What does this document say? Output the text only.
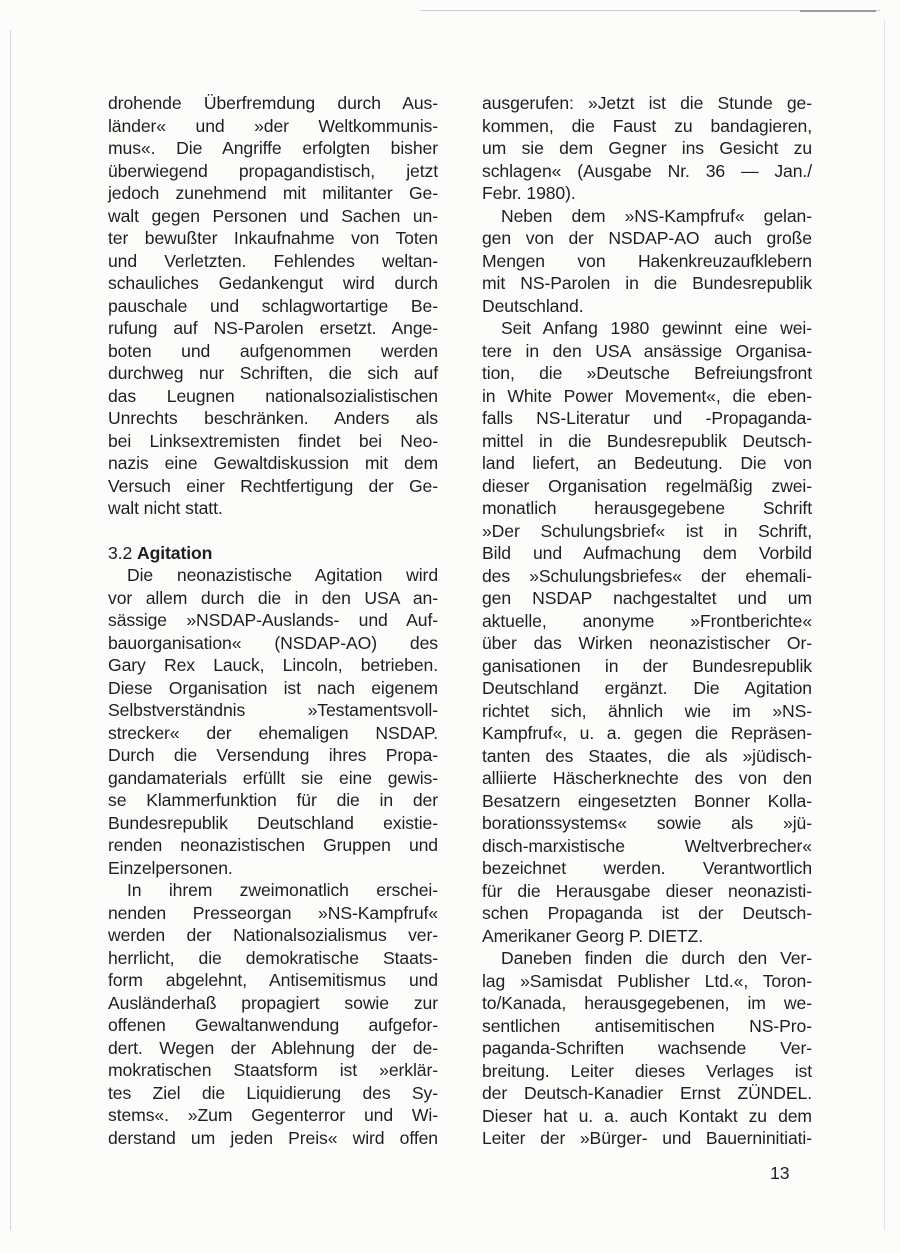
drohende Überfremdung durch Aus-
länder« und »der Weltkommunis-
mus«. Die Angriffe erfolgten bisher
überwiegend propagandistisch, jetzt
jedoch zunehmend mit militanter Ge-
walt gegen Personen und Sachen un-
ter bewußter Inkaufnahme von Toten
und Verletzten. Fehlendes weltan-
schauliches Gedankengut wird durch
pauschale und schlagwortartige Be-
rufung auf NS-Parolen ersetzt. Ange-
boten und aufgenommen werden
durchweg nur Schriften, die sich auf
das Leugnen nationalsozialistischen
Unrechts beschränken. Anders als
bei Linksextremisten findet bei Neo-
nazis eine Gewaltdiskussion mit dem
Versuch einer Rechtfertigung der Ge-
walt nicht statt.
3.2 Agitation
Die neonazistische Agitation wird
vor allem durch die in den USA an-
sässige »NSDAP-Auslands- und Auf-
bauorganisation« (NSDAP-AO) des
Gary Rex Lauck, Lincoln, betrieben.
Diese Organisation ist nach eigenem
Selbstverständnis »Testamentsvoll-
strecker« der ehemaligen NSDAP.
Durch die Versendung ihres Propa-
gandamaterials erfüllt sie eine gewis-
se Klammerfunktion für die in der
Bundesrepublik Deutschland existie-
renden neonazistischen Gruppen und
Einzelpersonen.
In ihrem zweimonatlich erschei-
nenden Presseorgan »NS-Kampfruf«
werden der Nationalsozialismus ver-
herrlicht, die demokratische Staats-
form abgelehnt, Antisemitismus und
Ausländerhaß propagiert sowie zur
offenen Gewaltanwendung aufgefor-
dert. Wegen der Ablehnung der de-
mokratischen Staatsform ist »erklär-
tes Ziel die Liquidierung des Sy-
stems«. »Zum Gegenterror und Wi-
derstand um jeden Preis« wird offen
ausgerufen: »Jetzt ist die Stunde ge-
kommen, die Faust zu bandagieren,
um sie dem Gegner ins Gesicht zu
schlagen« (Ausgabe Nr. 36 — Jan./
Febr. 1980).
Neben dem »NS-Kampfruf« gelan-
gen von der NSDAP-AO auch große
Mengen von Hakenkreuzaufklebern
mit NS-Parolen in die Bundesrepublik
Deutschland.
Seit Anfang 1980 gewinnt eine wei-
tere in den USA ansässige Organisa-
tion, die »Deutsche Befreiungsfront
in White Power Movement«, die eben-
falls NS-Literatur und -Propaganda-
mittel in die Bundesrepublik Deutsch-
land liefert, an Bedeutung. Die von
dieser Organisation regelmäßig zwei-
monatlich herausgegebene Schrift
»Der Schulungsbrief« ist in Schrift,
Bild und Aufmachung dem Vorbild
des »Schulungsbriefes« der ehemali-
gen NSDAP nachgestaltet und um
aktuelle, anonyme »Frontberichte«
über das Wirken neonazistischer Or-
ganisationen in der Bundesrepublik
Deutschland ergänzt. Die Agitation
richtet sich, ähnlich wie im »NS-
Kampfruf«, u. a. gegen die Repräsen-
tanten des Staates, die als »jüdisch-
alliierte Häscherknechte des von den
Besatzern eingesetzten Bonner Kolla-
borationssystems« sowie als »jü-
disch-marxistische Weltverbrecher«
bezeichnet werden. Verantwortlich
für die Herausgabe dieser neonazisti-
schen Propaganda ist der Deutsch-
Amerikaner Georg P. DIETZ.
Daneben finden die durch den Ver-
lag »Samisdat Publisher Ltd.«, Toron-
to/Kanada, herausgegebenen, im we-
sentlichen antisemitischen NS-Pro-
paganda-Schriften wachsende Ver-
breitung. Leiter dieses Verlages ist
der Deutsch-Kanadier Ernst ZÜNDEL.
Dieser hat u. a. auch Kontakt zu dem
Leiter der »Bürger- und Bauerninitiati-
13
